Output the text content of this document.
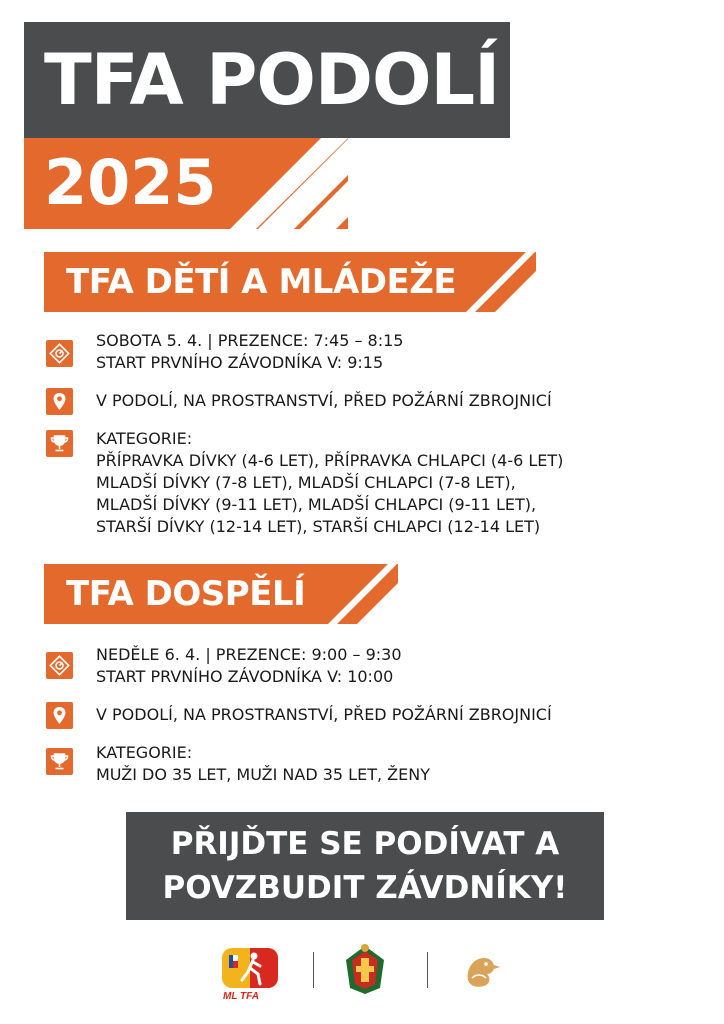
TFA PODOLÍ
2025
TFA DĚTÍ A MLÁDEŽE
SOBOTA 5. 4. | PREZENCE: 7:45 – 8:15
START PRVNÍHO ZÁVODNÍKA V: 9:15
V PODOLÍ, NA PROSTRANSTVÍ, PŘED POŽÁRNÍ ZBROJNICÍ
KATEGORIE:
PŘÍPRAVKA DÍVKY (4-6 LET), PŘÍPRAVKA CHLAPCI (4-6 LET)
MLADŠÍ DÍVKY (7-8 LET), MLADŠÍ CHLAPCI (7-8 LET),
MLADŠÍ DÍVKY (9-11 LET), MLADŠÍ CHLAPCI (9-11 LET),
STARŠÍ DÍVKY (12-14 LET), STARŠÍ CHLAPCI (12-14 LET)
TFA DOSPĚLÍ
NEDĚLE 6. 4. | PREZENCE: 9:00 – 9:30
START PRVNÍHO ZÁVODNÍKA V: 10:00
V PODOLÍ, NA PROSTRANSTVÍ, PŘED POŽÁRNÍ ZBROJNICÍ
KATEGORIE:
MUŽI DO 35 LET, MUŽI NAD 35 LET, ŽENY
PŘIJĎTE SE PODÍVAT A
POVZBUDIT ZÁVDNÍKY!
ML TFA
